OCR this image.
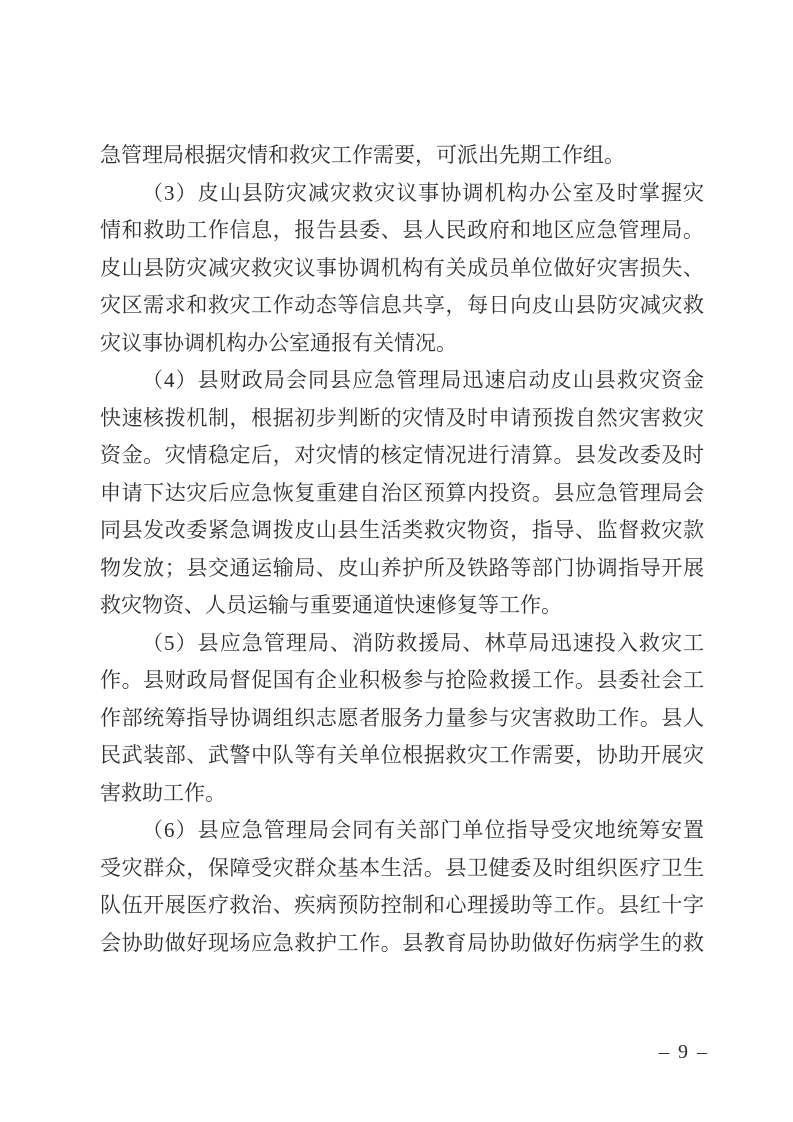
急管理局根据灾情和救灾工作需要，可派出先期工作组。
（3）皮山县防灾减灾救灾议事协调机构办公室及时掌握灾
情和救助工作信息，报告县委、县人民政府和地区应急管理局。
皮山县防灾减灾救灾议事协调机构有关成员单位做好灾害损失、
灾区需求和救灾工作动态等信息共享，每日向皮山县防灾减灾救
灾议事协调机构办公室通报有关情况。
（4）县财政局会同县应急管理局迅速启动皮山县救灾资金
快速核拨机制，根据初步判断的灾情及时申请预拨自然灾害救灾
资金。灾情稳定后，对灾情的核定情况进行清算。县发改委及时
申请下达灾后应急恢复重建自治区预算内投资。县应急管理局会
同县发改委紧急调拨皮山县生活类救灾物资，指导、监督救灾款
物发放；县交通运输局、皮山养护所及铁路等部门协调指导开展
救灾物资、人员运输与重要通道快速修复等工作。
（5）县应急管理局、消防救援局、林草局迅速投入救灾工
作。县财政局督促国有企业积极参与抢险救援工作。县委社会工
作部统筹指导协调组织志愿者服务力量参与灾害救助工作。县人
民武装部、武警中队等有关单位根据救灾工作需要，协助开展灾
害救助工作。
（6）县应急管理局会同有关部门单位指导受灾地统筹安置
受灾群众，保障受灾群众基本生活。县卫健委及时组织医疗卫生
队伍开展医疗救治、疾病预防控制和心理援助等工作。县红十字
会协助做好现场应急救护工作。县教育局协助做好伤病学生的救
– 9 –
